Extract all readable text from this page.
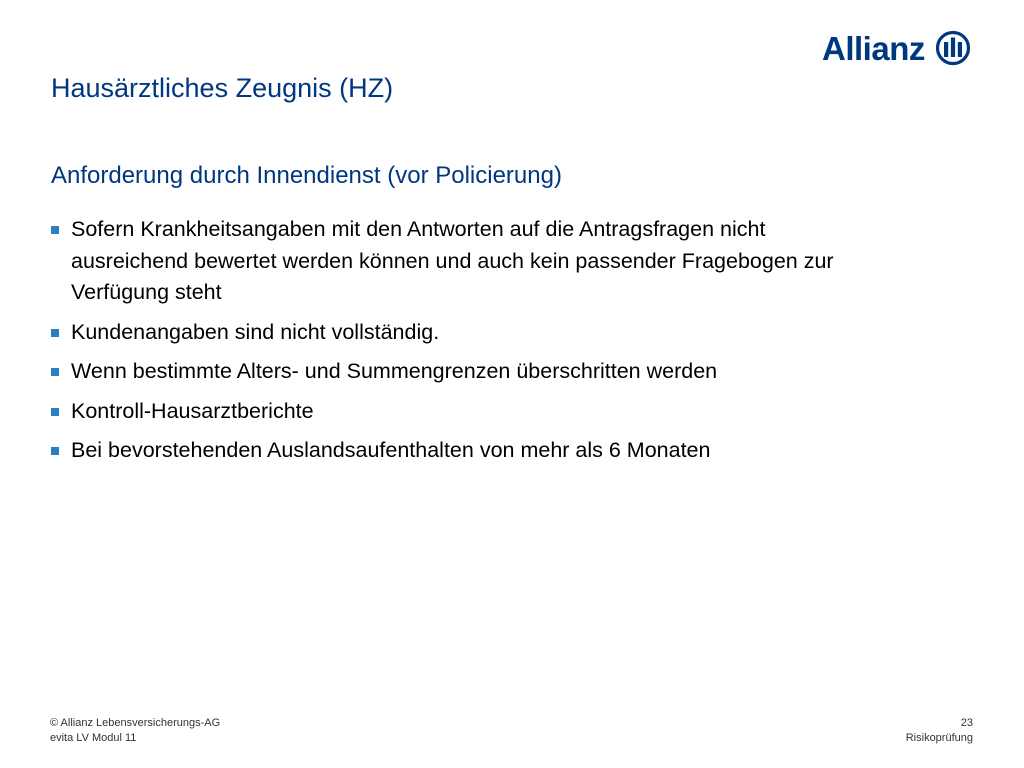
Allianz
Hausärztliches Zeugnis (HZ)
Anforderung durch Innendienst (vor Policierung)
Sofern Krankheitsangaben mit den Antworten auf die Antragsfragen nicht ausreichend bewertet werden können und auch kein passender Fragebogen zur Verfügung steht
Kundenangaben sind nicht vollständig.
Wenn bestimmte Alters- und Summengrenzen überschritten werden
Kontroll-Hausarztberichte
Bei bevorstehenden Auslandsaufenthalten von mehr als 6 Monaten
© Allianz Lebensversicherungs-AG
evita LV Modul 11
23
Risikoprüfung
